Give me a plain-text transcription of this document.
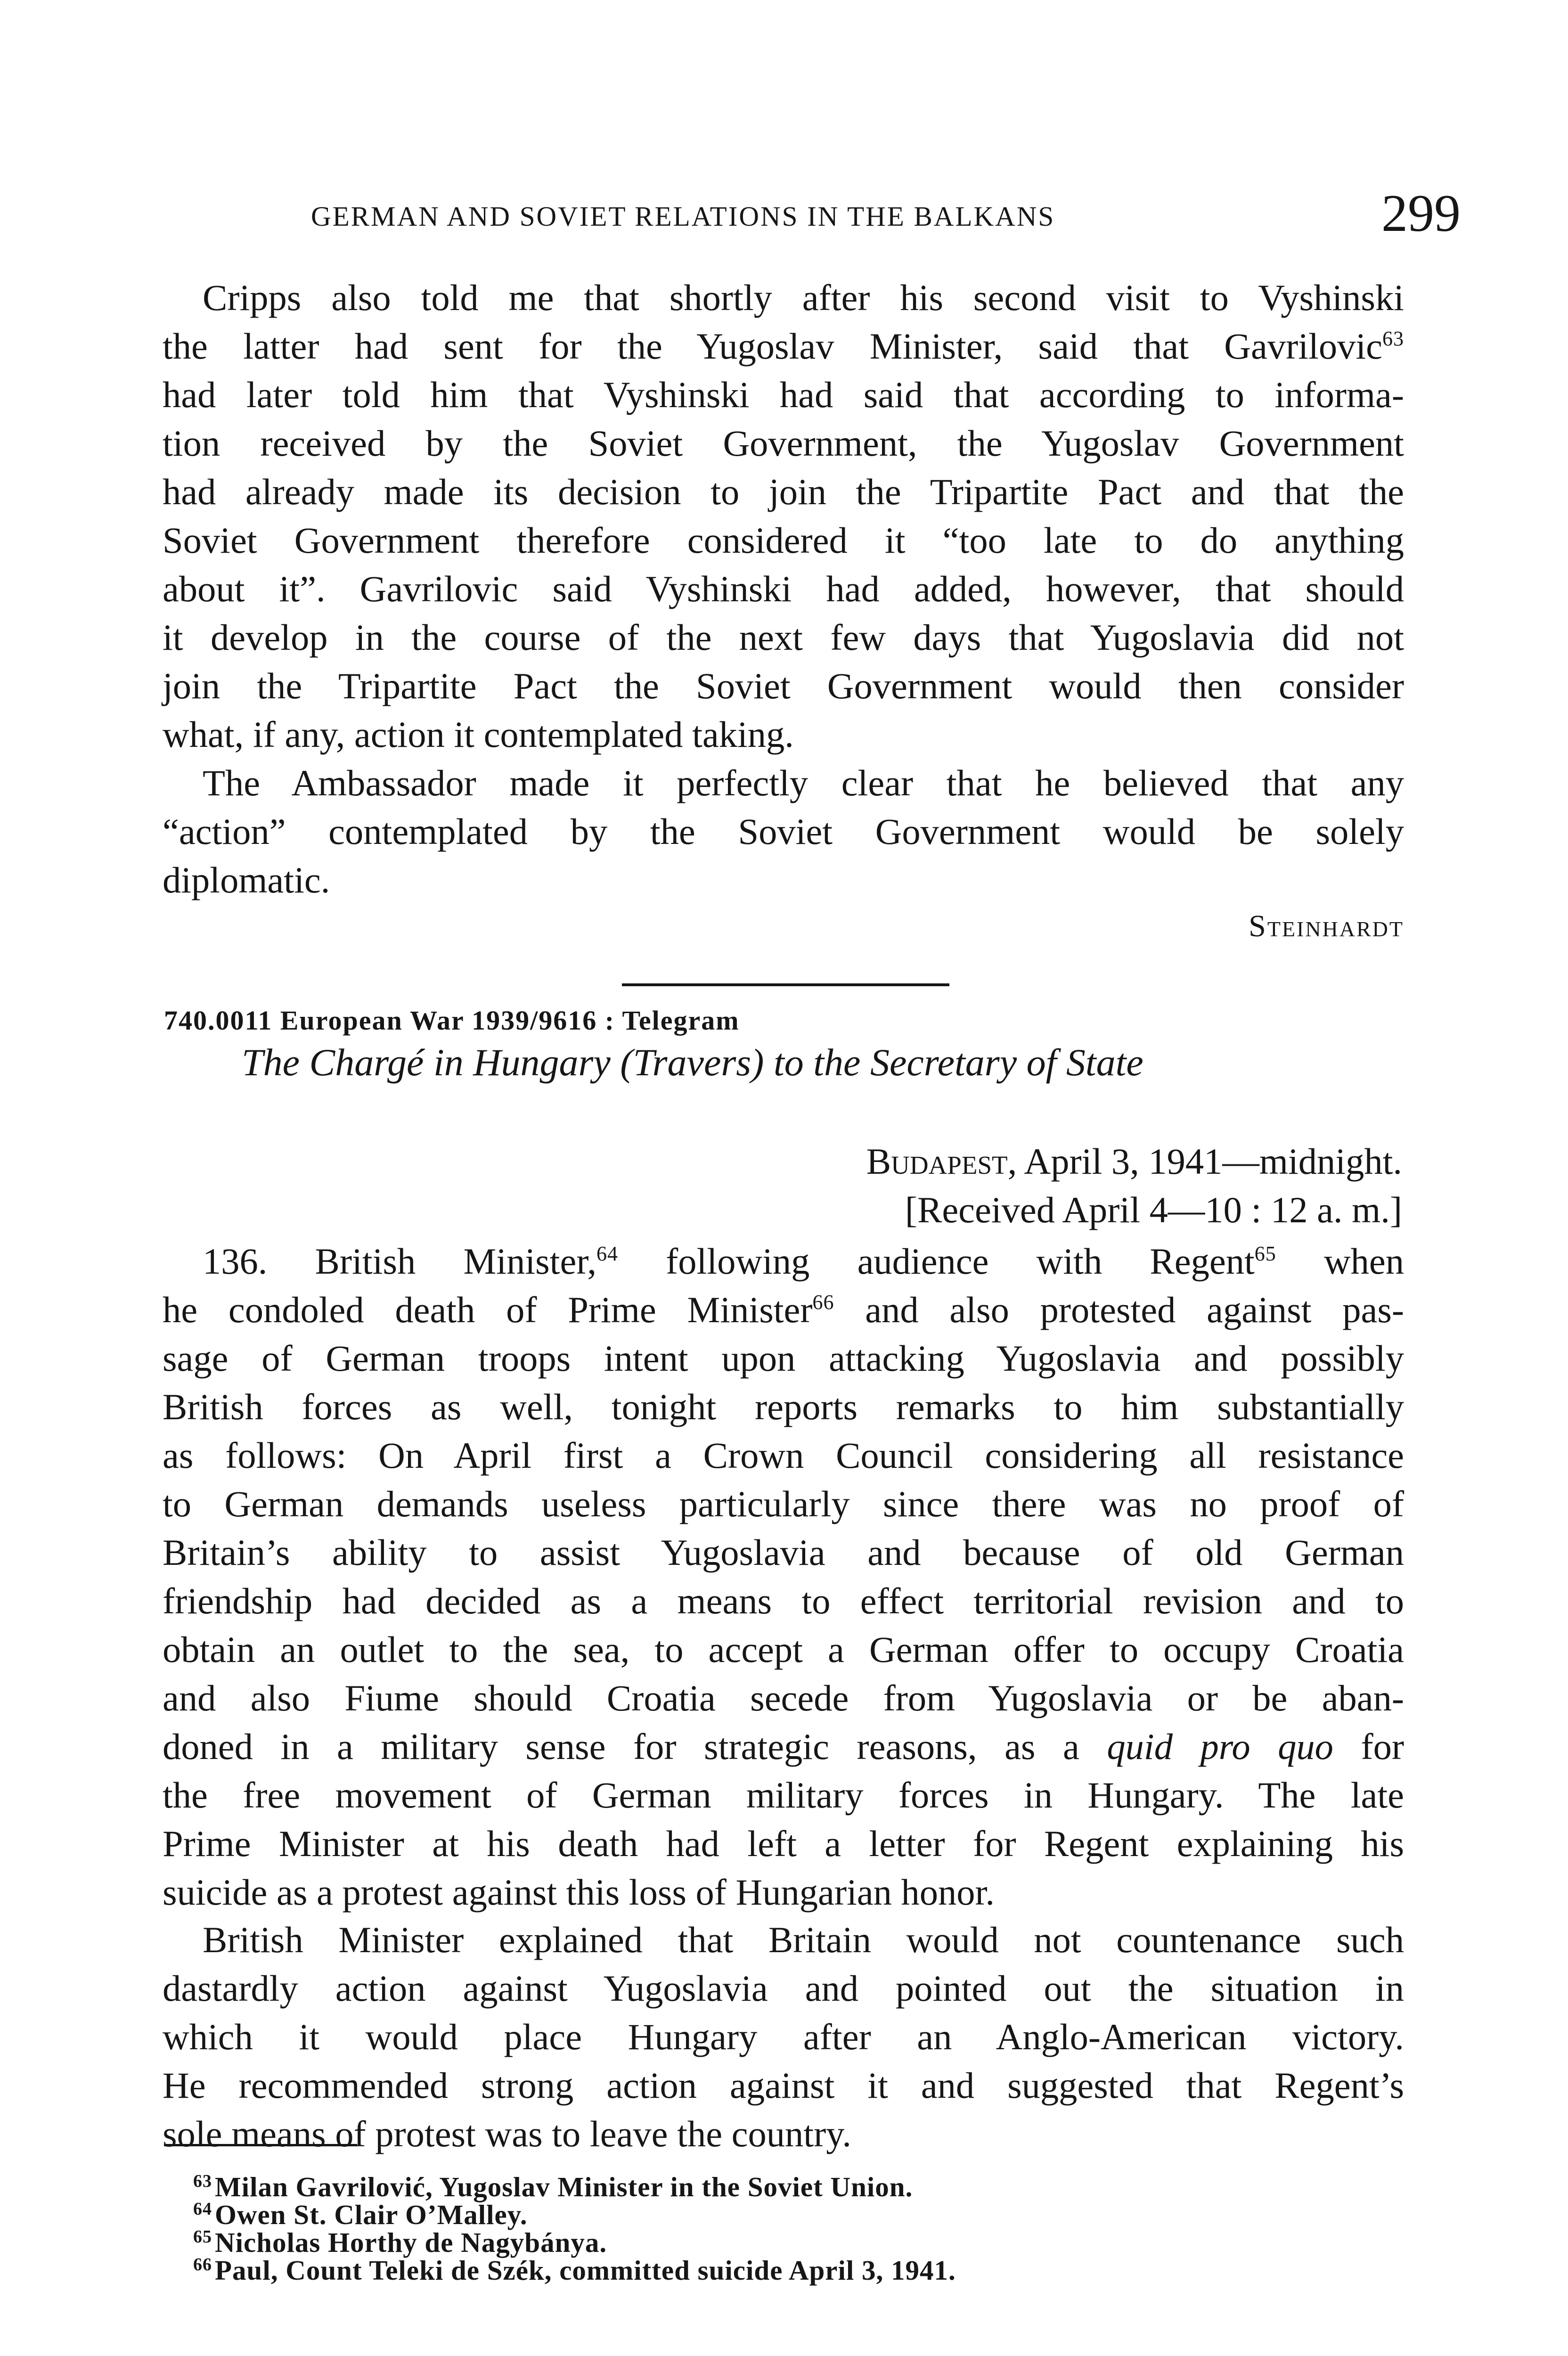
GERMAN AND SOVIET RELATIONS IN THE BALKANS	299
Cripps also told me that shortly after his second visit to Vyshinski
the latter had sent for the Yugoslav Minister, said that Gavrilovic$^{63}$
had later told him that Vyshinski had said that according to informa-
tion received by the Soviet Government, the Yugoslav Government
had already made its decision to join the Tripartite Pact and that the
Soviet Government therefore considered it “too late to do anything
about it”. Gavrilovic said Vyshinski had added, however, that should
it develop in the course of the next few days that Yugoslavia did not
join the Tripartite Pact the Soviet Government would then consider
what, if any, action it contemplated taking.
The Ambassador made it perfectly clear that he believed that any
“action” contemplated by the Soviet Government would be solely
diplomatic.
Steinhardt
740.0011 European War 1939/9616 : Telegram
The Chargé in Hungary (Travers) to the Secretary of State
Budapest, April 3, 1941—midnight.
[Received April 4—10 : 12 a. m.]
136. British Minister,$^{64}$ following audience with Regent$^{65}$ when
he condoled death of Prime Minister$^{66}$ and also protested against pas-
sage of German troops intent upon attacking Yugoslavia and possibly
British forces as well, tonight reports remarks to him substantially
as follows: On April first a Crown Council considering all resistance
to German demands useless particularly since there was no proof of
Britain’s ability to assist Yugoslavia and because of old German
friendship had decided as a means to effect territorial revision and to
obtain an outlet to the sea, to accept a German offer to occupy Croatia
and also Fiume should Croatia secede from Yugoslavia or be aban-
doned in a military sense for strategic reasons, as a quid pro quo for
the free movement of German military forces in Hungary. The late
Prime Minister at his death had left a letter for Regent explaining his
suicide as a protest against this loss of Hungarian honor.
British Minister explained that Britain would not countenance such
dastardly action against Yugoslavia and pointed out the situation in
which it would place Hungary after an Anglo-American victory.
He recommended strong action against it and suggested that Regent’s
sole means of protest was to leave the country.
$^{63}$ Milan Gavrilović, Yugoslav Minister in the Soviet Union.
$^{64}$ Owen St. Clair O’Malley.
$^{65}$ Nicholas Horthy de Nagybánya.
$^{66}$ Paul, Count Teleki de Szék, committed suicide April 3, 1941.
